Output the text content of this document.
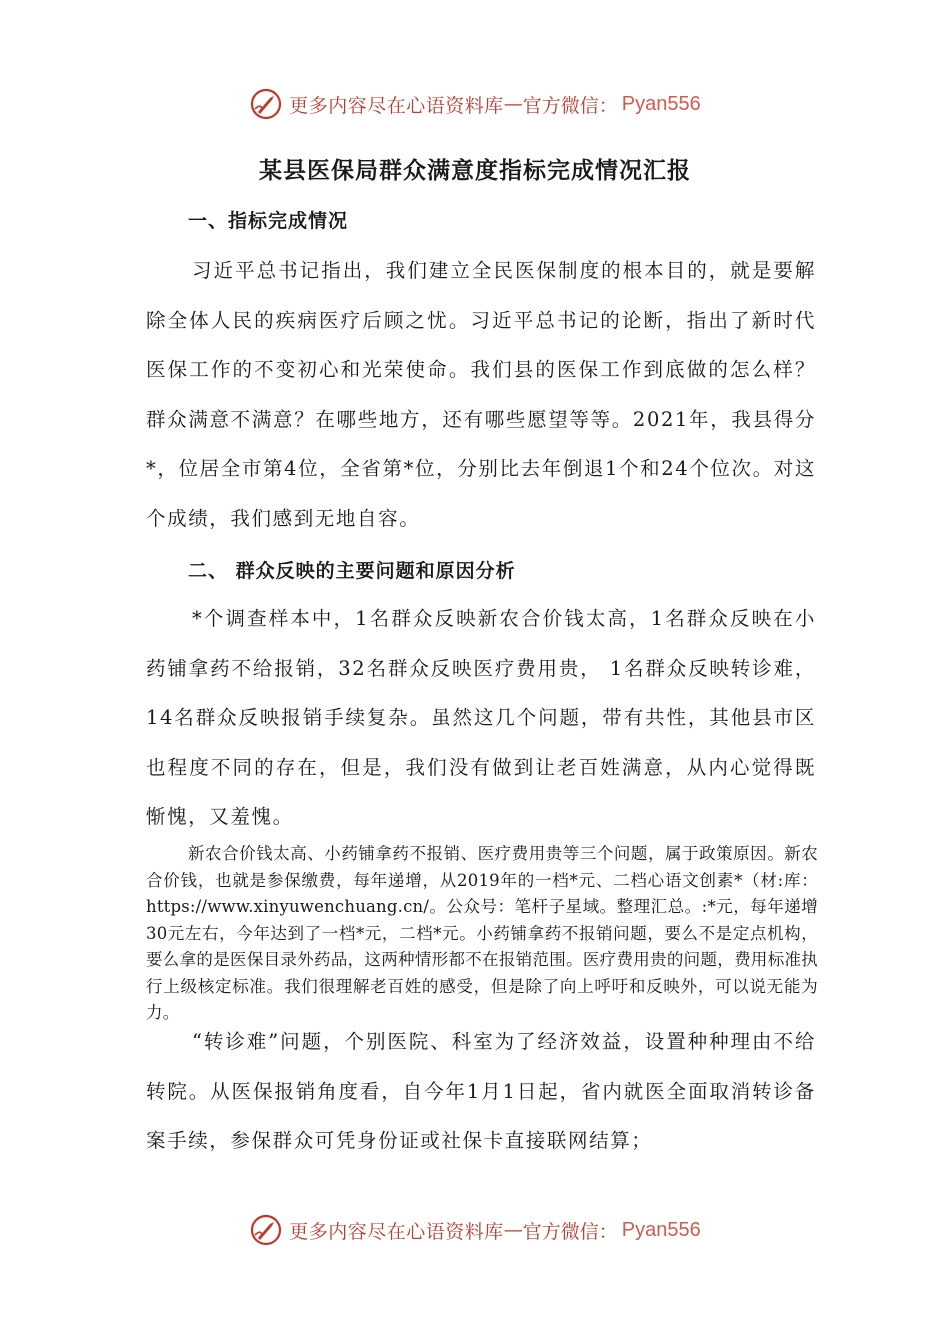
更多内容尽在心语资料库 — 官方微信： Pyan556
某县医保局群众满意度指标完成情况汇报
一、指标完成情况

习近平总书记指出，我们建立全民医保制度的根本目的，就是要解除全体人民的疾病医疗后顾之忧。习近平总书记的论断，指出了新时代医保工作的不变初心和光荣使命。我们县的医保工作到底做的怎么样？群众满意不满意？在哪些地方，还有哪些愿望等等。2021年，我县得分*，位居全市第4位，全省第*位，分别比去年倒退1个和24个位次。对这个成绩，我们感到无地自容。

二、 群众反映的主要问题和原因分析

*个调查样本中，1名群众反映新农合价钱太高，1名群众反映在小药铺拿药不给报销，32名群众反映医疗费用贵， 1名群众反映转诊难，14名群众反映报销手续复杂。虽然这几个问题，带有共性，其他县市区也程度不同的存在，但是，我们没有做到让老百姓满意，从内心觉得既惭愧，又羞愧。

新农合价钱太高、小药铺拿药不报销、医疗费用贵等三个问题，属于政策原因。新农合价钱，也就是参保缴费，每年递增，从2019年的一档*元、二档心语文创素*（材:库：https://www.xinyuwenchuang.cn/。公众号：笔杆子星域。整理汇总。:*元，每年递增30元左右，今年达到了一档*元，二档*元。小药铺拿药不报销问题，要么不是定点机构，要么拿的是医保目录外药品，这两种情形都不在报销范围。医疗费用贵的问题，费用标准执行上级核定标准。我们很理解老百姓的感受，但是除了向上呼吁和反映外，可以说无能为力。

“转诊难”问题，个别医院、科室为了经济效益，设置种种理由不给转院。从医保报销角度看，自今年1月1日起，省内就医全面取消转诊备案手续，参保群众可凭身份证或社保卡直接联网结算；

更多内容尽在心语资料库 — 官方微信： Pyan556
